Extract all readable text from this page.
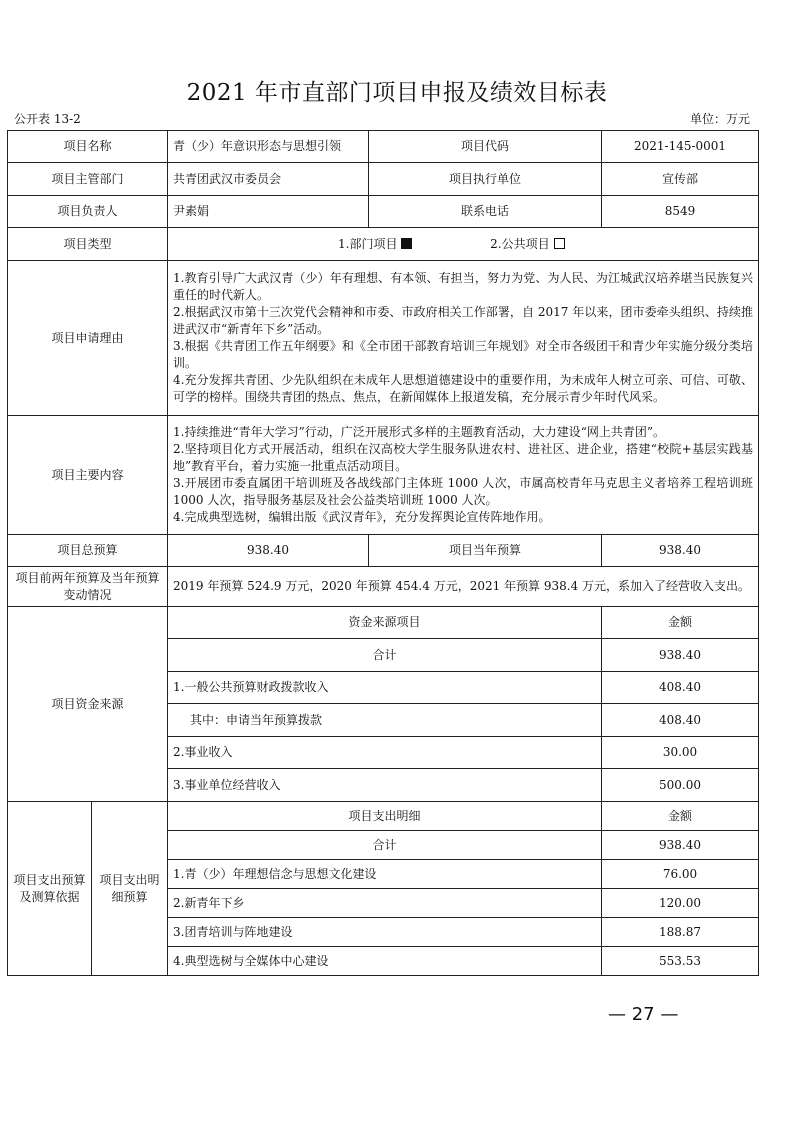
2021 年市直部门项目申报及绩效目标表
公开表 13-2	单位：万元
项目名称		青（少）年意识形态与思想引领	项目代码	2021-145-0001
项目主管部门		共青团武汉市委员会	项目执行单位	宣传部
项目负责人		尹素娟	联系电话	8549
项目类型		1.部门项目 2.公共项目		
项目申请理由		1.教育引导广大武汉青（少）年有理想、有本领、有担当，努力为党、为人民、为江城武汉培养堪当民族复兴重任的时代新人。
2.根据武汉市第十三次党代会精神和市委、市政府相关工作部署，自 2017 年以来，团市委牵头组织、持续推进武汉市“新青年下乡”活动。
3.根据《共青团工作五年纲要》和《全市团干部教育培训三年规划》对全市各级团干和青少年实施分级分类培训。
4.充分发挥共青团、少先队组织在未成年人思想道德建设中的重要作用，为未成年人树立可亲、可信、可敬、可学的榜样。围绕共青团的热点、焦点，在新闻媒体上报道发稿，充分展示青少年时代风采。		

项目主要内容		1.持续推进“青年大学习”行动，广泛开展形式多样的主题教育活动，大力建设“网上共青团”。
2.坚持项目化方式开展活动，组织在汉高校大学生服务队进农村、进社区、进企业，搭建“校院+基层实践基地”教育平台，着力实施一批重点活动项目。
3.开展团市委直属团干培训班及各战线部门主体班 1000 人次，市属高校青年马克思主义者培养工程培训班 1000 人次，指导服务基层及社会公益类培训班 1000 人次。
4.完成典型选树，编辑出版《武汉青年》，充分发挥舆论宣传阵地作用。		

项目总预算		938.40	项目当年预算	938.40
项目前两年预算及当年预算变动情况		2019 年预算 524.9 万元，2020 年预算 454.4 万元，2021 年预算 938.4 万元，系加入了经营收入支出。		
项目资金来源		资金来源项目		金额
		合计		938.40
		1.一般公共预算财政拨款收入		408.40
		其中：申请当年预算拨款		408.40
		2.事业收入		30.00
		3.事业单位经营收入		500.00
项目支出预算及测算依据	项目支出明细预算	项目支出明细		金额
		合计		938.40
		1.青（少）年理想信念与思想文化建设		76.00
		2.新青年下乡		120.00
		3.团青培训与阵地建设		188.87
		4.典型选树与全媒体中心建设		553.53
— 27 —
